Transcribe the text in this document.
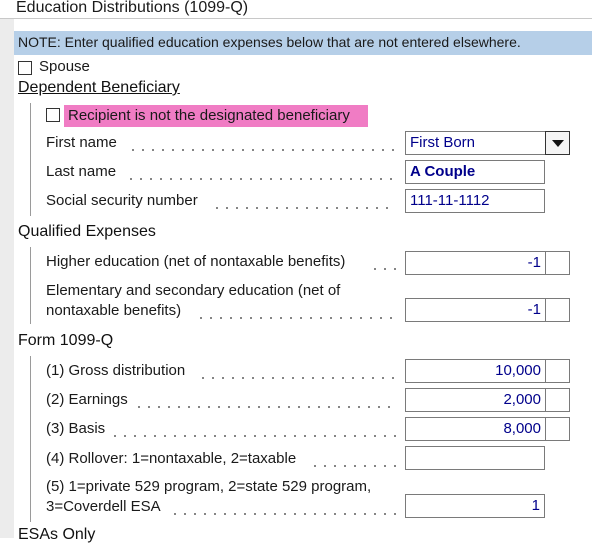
Education Distributions (1099-Q)
NOTE: Enter qualified education expenses below that are not entered elsewhere.
Spouse
Dependent Beneficiary
Recipient is not the designated beneficiary
First name	First Born
Last name	A Couple
Social security number	111-11-1112
Qualified Expenses
Higher education (net of nontaxable benefits)	-1
Elementary and secondary education (net of
nontaxable benefits)	-1
Form 1099-Q
(1) Gross distribution	10,000
(2) Earnings	2,000
(3) Basis	8,000
(4) Rollover: 1=nontaxable, 2=taxable
(5) 1=private 529 program, 2=state 529 program,
3=Coverdell ESA	1
ESAs Only
